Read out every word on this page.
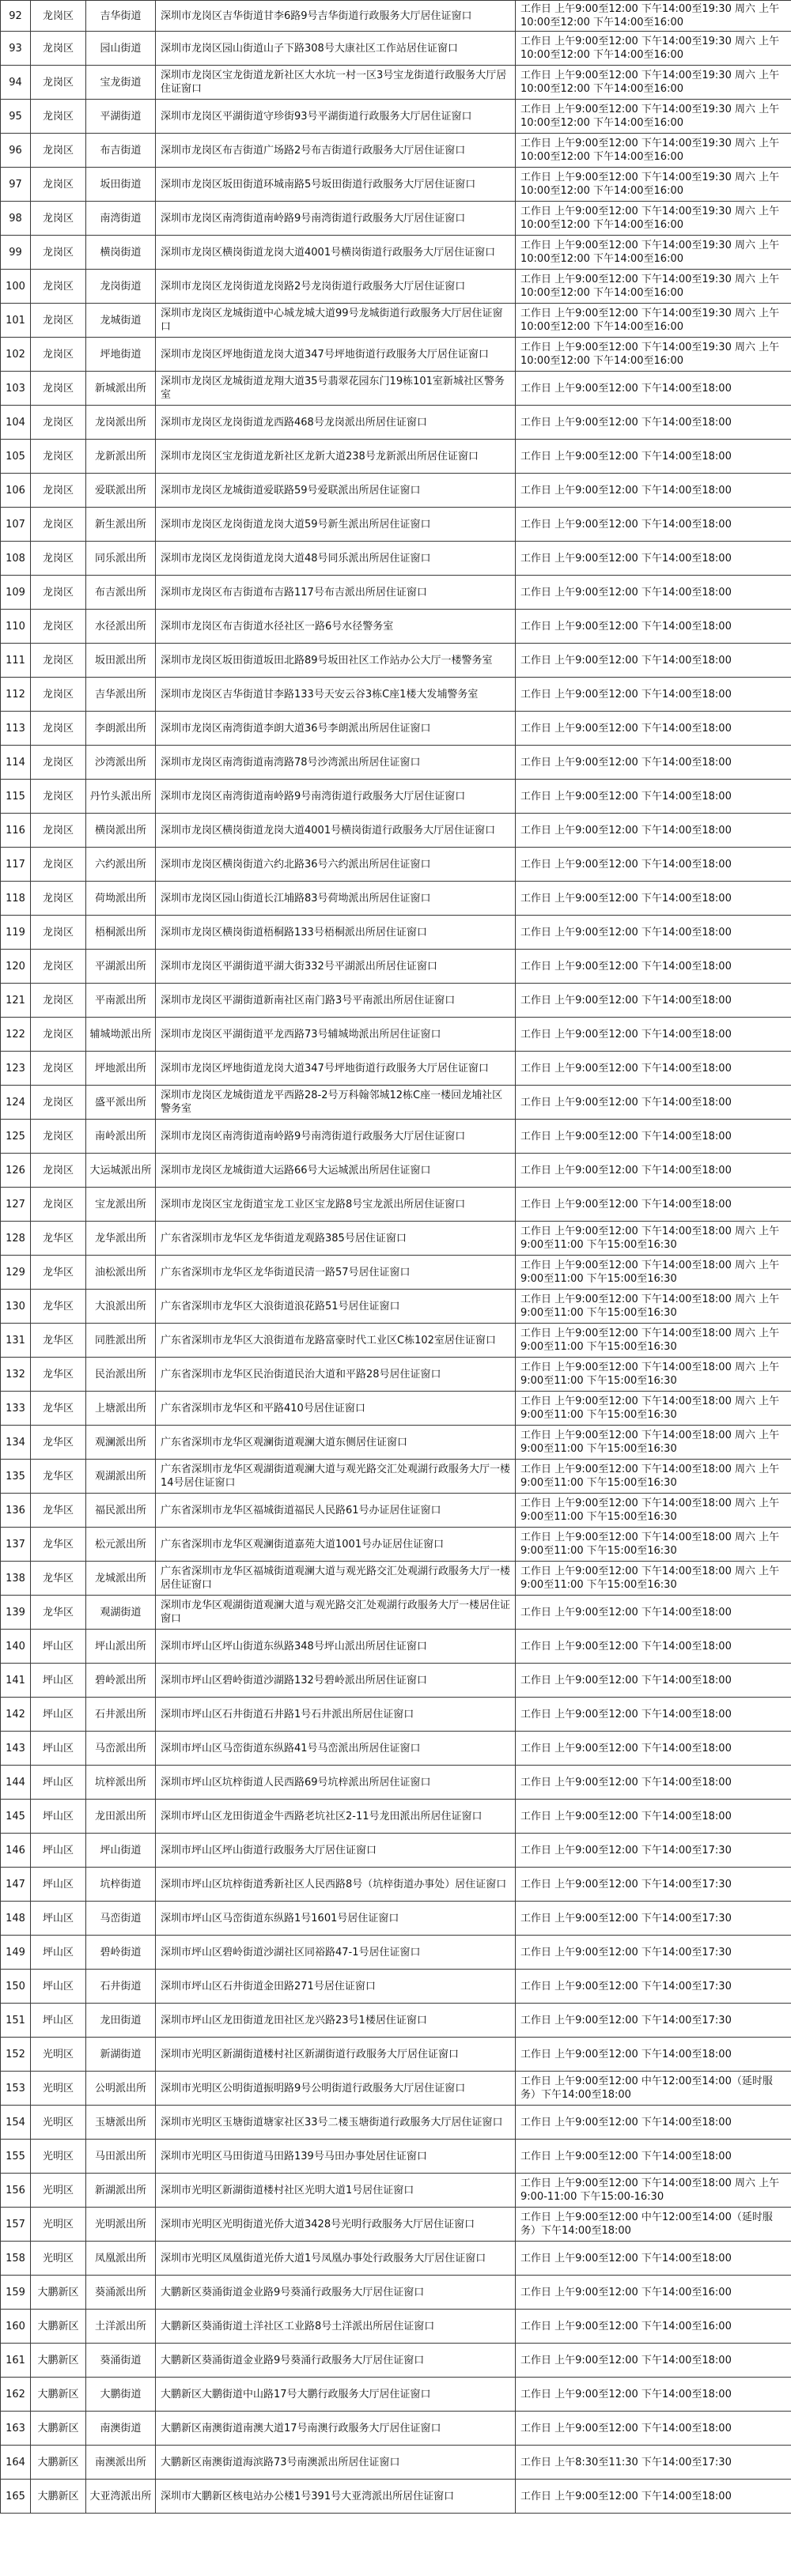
92	龙岗区	吉华街道	深圳市龙岗区吉华街道甘李6路9号吉华街道行政服务大厅居住证窗口	工作日 上午9:00至12:00 下午14:00至19:30 周六 上午10:00至12:00 下午14:00至16:00
93	龙岗区	园山街道	深圳市龙岗区园山街道山子下路308号大康社区工作站居住证窗口	工作日 上午9:00至12:00 下午14:00至19:30 周六 上午10:00至12:00 下午14:00至16:00
94	龙岗区	宝龙街道	深圳市龙岗区宝龙街道龙新社区大水坑一村一区3号宝龙街道行政服务大厅居住证窗口	工作日 上午9:00至12:00 下午14:00至19:30 周六 上午10:00至12:00 下午14:00至16:00
95	龙岗区	平湖街道	深圳市龙岗区平湖街道守珍街93号平湖街道行政服务大厅居住证窗口	工作日 上午9:00至12:00 下午14:00至19:30 周六 上午10:00至12:00 下午14:00至16:00
96	龙岗区	布吉街道	深圳市龙岗区布吉街道广场路2号布吉街道行政服务大厅居住证窗口	工作日 上午9:00至12:00 下午14:00至19:30 周六 上午10:00至12:00 下午14:00至16:00
97	龙岗区	坂田街道	深圳市龙岗区坂田街道环城南路5号坂田街道行政服务大厅居住证窗口	工作日 上午9:00至12:00 下午14:00至19:30 周六 上午10:00至12:00 下午14:00至16:00
98	龙岗区	南湾街道	深圳市龙岗区南湾街道南岭路9号南湾街道行政服务大厅居住证窗口	工作日 上午9:00至12:00 下午14:00至19:30 周六 上午10:00至12:00 下午14:00至16:00
99	龙岗区	横岗街道	深圳市龙岗区横岗街道龙岗大道4001号横岗街道行政服务大厅居住证窗口	工作日 上午9:00至12:00 下午14:00至19:30 周六 上午10:00至12:00 下午14:00至16:00
100	龙岗区	龙岗街道	深圳市龙岗区龙岗街道龙岗路2号龙岗街道行政服务大厅居住证窗口	工作日 上午9:00至12:00 下午14:00至19:30 周六 上午10:00至12:00 下午14:00至16:00
101	龙岗区	龙城街道	深圳市龙岗区龙城街道中心城龙城大道99号龙城街道行政服务大厅居住证窗口	工作日 上午9:00至12:00 下午14:00至19:30 周六 上午10:00至12:00 下午14:00至16:00
102	龙岗区	坪地街道	深圳市龙岗区坪地街道龙岗大道347号坪地街道行政服务大厅居住证窗口	工作日 上午9:00至12:00 下午14:00至19:30 周六 上午10:00至12:00 下午14:00至16:00
103	龙岗区	新城派出所	深圳市龙岗区龙城街道龙翔大道35号翡翠花园东门19栋101室新城社区警务室	工作日 上午9:00至12:00 下午14:00至18:00
104	龙岗区	龙岗派出所	深圳市龙岗区龙岗街道龙西路468号龙岗派出所居住证窗口	工作日 上午9:00至12:00 下午14:00至18:00
105	龙岗区	龙新派出所	深圳市龙岗区宝龙街道龙新社区龙新大道238号龙新派出所居住证窗口	工作日 上午9:00至12:00 下午14:00至18:00
106	龙岗区	爱联派出所	深圳市龙岗区龙城街道爱联路59号爱联派出所居住证窗口	工作日 上午9:00至12:00 下午14:00至18:00
107	龙岗区	新生派出所	深圳市龙岗区龙岗街道龙岗大道59号新生派出所居住证窗口	工作日 上午9:00至12:00 下午14:00至18:00
108	龙岗区	同乐派出所	深圳市龙岗区龙岗街道龙岗大道48号同乐派出所居住证窗口	工作日 上午9:00至12:00 下午14:00至18:00
109	龙岗区	布吉派出所	深圳市龙岗区布吉街道布吉路117号布吉派出所居住证窗口	工作日 上午9:00至12:00 下午14:00至18:00
110	龙岗区	水径派出所	深圳市龙岗区布吉街道水径社区一路6号水径警务室	工作日 上午9:00至12:00 下午14:00至18:00
111	龙岗区	坂田派出所	深圳市龙岗区坂田街道坂田北路89号坂田社区工作站办公大厅一楼警务室	工作日 上午9:00至12:00 下午14:00至18:00
112	龙岗区	吉华派出所	深圳市龙岗区吉华街道甘李路133号天安云谷3栋C座1楼大发埔警务室	工作日 上午9:00至12:00 下午14:00至18:00
113	龙岗区	李朗派出所	深圳市龙岗区南湾街道李朗大道36号李朗派出所居住证窗口	工作日 上午9:00至12:00 下午14:00至18:00
114	龙岗区	沙湾派出所	深圳市龙岗区南湾街道南湾路78号沙湾派出所居住证窗口	工作日 上午9:00至12:00 下午14:00至18:00
115	龙岗区	丹竹头派出所	深圳市龙岗区南湾街道南岭路9号南湾街道行政服务大厅居住证窗口	工作日 上午9:00至12:00 下午14:00至18:00
116	龙岗区	横岗派出所	深圳市龙岗区横岗街道龙岗大道4001号横岗街道行政服务大厅居住证窗口	工作日 上午9:00至12:00 下午14:00至18:00
117	龙岗区	六约派出所	深圳市龙岗区横岗街道六约北路36号六约派出所居住证窗口	工作日 上午9:00至12:00 下午14:00至18:00
118	龙岗区	荷坳派出所	深圳市龙岗区园山街道长江埔路83号荷坳派出所居住证窗口	工作日 上午9:00至12:00 下午14:00至18:00
119	龙岗区	梧桐派出所	深圳市龙岗区横岗街道梧桐路133号梧桐派出所居住证窗口	工作日 上午9:00至12:00 下午14:00至18:00
120	龙岗区	平湖派出所	深圳市龙岗区平湖街道平湖大街332号平湖派出所居住证窗口	工作日 上午9:00至12:00 下午14:00至18:00
121	龙岗区	平南派出所	深圳市龙岗区平湖街道新南社区南门路3号平南派出所居住证窗口	工作日 上午9:00至12:00 下午14:00至18:00
122	龙岗区	辅城坳派出所	深圳市龙岗区平湖街道平龙西路73号辅城坳派出所居住证窗口	工作日 上午9:00至12:00 下午14:00至18:00
123	龙岗区	坪地派出所	深圳市龙岗区坪地街道龙岗大道347号坪地街道行政服务大厅居住证窗口	工作日 上午9:00至12:00 下午14:00至18:00
124	龙岗区	盛平派出所	深圳市龙岗区龙城街道龙平西路28-2号万科翰邻城12栋C座一楼回龙埔社区警务室	工作日 上午9:00至12:00 下午14:00至18:00
125	龙岗区	南岭派出所	深圳市龙岗区南湾街道南岭路9号南湾街道行政服务大厅居住证窗口	工作日 上午9:00至12:00 下午14:00至18:00
126	龙岗区	大运城派出所	深圳市龙岗区龙城街道大运路66号大运城派出所居住证窗口	工作日 上午9:00至12:00 下午14:00至18:00
127	龙岗区	宝龙派出所	深圳市龙岗区宝龙街道宝龙工业区宝龙路8号宝龙派出所居住证窗口	工作日 上午9:00至12:00 下午14:00至18:00
128	龙华区	龙华派出所	广东省深圳市龙华区龙华街道龙观路385号居住证窗口	工作日 上午9:00至12:00 下午14:00至18:00 周六 上午9:00至11:00 下午15:00至16:30
129	龙华区	油松派出所	广东省深圳市龙华区龙华街道民清一路57号居住证窗口	工作日 上午9:00至12:00 下午14:00至18:00 周六 上午9:00至11:00 下午15:00至16:30
130	龙华区	大浪派出所	广东省深圳市龙华区大浪街道浪花路51号居住证窗口	工作日 上午9:00至12:00 下午14:00至18:00 周六 上午9:00至11:00 下午15:00至16:30
131	龙华区	同胜派出所	广东省深圳市龙华区大浪街道布龙路富豪时代工业区C栋102室居住证窗口	工作日 上午9:00至12:00 下午14:00至18:00 周六 上午9:00至11:00 下午15:00至16:30
132	龙华区	民治派出所	广东省深圳市龙华区民治街道民治大道和平路28号居住证窗口	工作日 上午9:00至12:00 下午14:00至18:00 周六 上午9:00至11:00 下午15:00至16:30
133	龙华区	上塘派出所	广东省深圳市龙华区和平路410号居住证窗口	工作日 上午9:00至12:00 下午14:00至18:00 周六 上午9:00至11:00 下午15:00至16:30
134	龙华区	观澜派出所	广东省深圳市龙华区观澜街道观澜大道东侧居住证窗口	工作日 上午9:00至12:00 下午14:00至18:00 周六 上午9:00至11:00 下午15:00至16:30
135	龙华区	观湖派出所	广东省深圳市龙华区观湖街道观澜大道与观光路交汇处观湖行政服务大厅一楼14号居住证窗口	工作日 上午9:00至12:00 下午14:00至18:00 周六 上午9:00至11:00 下午15:00至16:30
136	龙华区	福民派出所	广东省深圳市龙华区福城街道福民人民路61号办证居住证窗口	工作日 上午9:00至12:00 下午14:00至18:00 周六 上午9:00至11:00 下午15:00至16:30
137	龙华区	松元派出所	广东省深圳市龙华区观澜街道嘉苑大道1001号办证居住证窗口	工作日 上午9:00至12:00 下午14:00至18:00 周六 上午9:00至11:00 下午15:00至16:30
138	龙华区	龙城派出所	广东省深圳市龙华区福城街道观澜大道与观光路交汇处观湖行政服务大厅一楼居住证窗口	工作日 上午9:00至12:00 下午14:00至18:00 周六 上午9:00至11:00 下午15:00至16:30
139	龙华区	观湖街道	深圳市龙华区观湖街道观澜大道与观光路交汇处观湖行政服务大厅一楼居住证窗口	工作日 上午9:00至12:00 下午14:00至18:00
140	坪山区	坪山派出所	深圳市坪山区坪山街道东纵路348号坪山派出所居住证窗口	工作日 上午9:00至12:00 下午14:00至18:00
141	坪山区	碧岭派出所	深圳市坪山区碧岭街道沙湖路132号碧岭派出所居住证窗口	工作日 上午9:00至12:00 下午14:00至18:00
142	坪山区	石井派出所	深圳市坪山区石井街道石井路1号石井派出所居住证窗口	工作日 上午9:00至12:00 下午14:00至18:00
143	坪山区	马峦派出所	深圳市坪山区马峦街道东纵路41号马峦派出所居住证窗口	工作日 上午9:00至12:00 下午14:00至18:00
144	坪山区	坑梓派出所	深圳市坪山区坑梓街道人民西路69号坑梓派出所居住证窗口	工作日 上午9:00至12:00 下午14:00至18:00
145	坪山区	龙田派出所	深圳市坪山区龙田街道金牛西路老坑社区2-11号龙田派出所居住证窗口	工作日 上午9:00至12:00 下午14:00至18:00
146	坪山区	坪山街道	深圳市坪山区坪山街道行政服务大厅居住证窗口	工作日 上午9:00至12:00 下午14:00至17:30
147	坪山区	坑梓街道	深圳市坪山区坑梓街道秀新社区人民西路8号（坑梓街道办事处）居住证窗口	工作日 上午9:00至12:00 下午14:00至17:30
148	坪山区	马峦街道	深圳市坪山区马峦街道东纵路1号1601号居住证窗口	工作日 上午9:00至12:00 下午14:00至17:30
149	坪山区	碧岭街道	深圳市坪山区碧岭街道沙湖社区同裕路47-1号居住证窗口	工作日 上午9:00至12:00 下午14:00至17:30
150	坪山区	石井街道	深圳市坪山区石井街道金田路271号居住证窗口	工作日 上午9:00至12:00 下午14:00至17:30
151	坪山区	龙田街道	深圳市坪山区龙田街道龙田社区龙兴路23号1楼居住证窗口	工作日 上午9:00至12:00 下午14:00至17:30
152	光明区	新湖街道	深圳市光明区新湖街道楼村社区新湖街道行政服务大厅居住证窗口	工作日 上午9:00至12:00 下午14:00至18:00
153	光明区	公明派出所	深圳市光明区公明街道振明路9号公明街道行政服务大厅居住证窗口	工作日 上午9:00至12:00 中午12:00至14:00（延时服务）下午14:00至18:00
154	光明区	玉塘派出所	深圳市光明区玉塘街道塘家社区33号二楼玉塘街道行政服务大厅居住证窗口	工作日 上午9:00至12:00 下午14:00至18:00
155	光明区	马田派出所	深圳市光明区马田街道马田路139号马田办事处居住证窗口	工作日 上午9:00至12:00 下午14:00至18:00
156	光明区	新湖派出所	深圳市光明区新湖街道楼村社区光明大道1号居住证窗口	工作日 上午9:00至12:00 下午14:00至18:00 周六 上午9:00-11:00 下午15:00-16:30
157	光明区	光明派出所	深圳市光明区光明街道光侨大道3428号光明行政服务大厅居住证窗口	工作日 上午9:00至12:00 中午12:00至14:00（延时服务）下午14:00至18:00
158	光明区	凤凰派出所	深圳市光明区凤凰街道光侨大道1号凤凰办事处行政服务大厅居住证窗口	工作日 上午9:00至12:00 下午14:00至18:00
159	大鹏新区	葵涌派出所	大鹏新区葵涌街道金业路9号葵涌行政服务大厅居住证窗口	工作日 上午9:00至12:00 下午14:00至16:00
160	大鹏新区	土洋派出所	大鹏新区葵涌街道土洋社区工业路8号土洋派出所居住证窗口	工作日 上午9:00至12:00 下午14:00至16:00
161	大鹏新区	葵涌街道	大鹏新区葵涌街道金业路9号葵涌行政服务大厅居住证窗口	工作日 上午9:00至12:00 下午14:00至18:00
162	大鹏新区	大鹏街道	大鹏新区大鹏街道中山路17号大鹏行政服务大厅居住证窗口	工作日 上午9:00至12:00 下午14:00至18:00
163	大鹏新区	南澳街道	大鹏新区南澳街道南澳大道17号南澳行政服务大厅居住证窗口	工作日 上午9:00至12:00 下午14:00至18:00
164	大鹏新区	南澳派出所	大鹏新区南澳街道海滨路73号南澳派出所居住证窗口	工作日 上午8:30至11:30 下午14:00至17:30
165	大鹏新区	大亚湾派出所	深圳市大鹏新区核电站办公楼1号391号大亚湾派出所居住证窗口	工作日 上午9:00至12:00 下午14:00至18:00
